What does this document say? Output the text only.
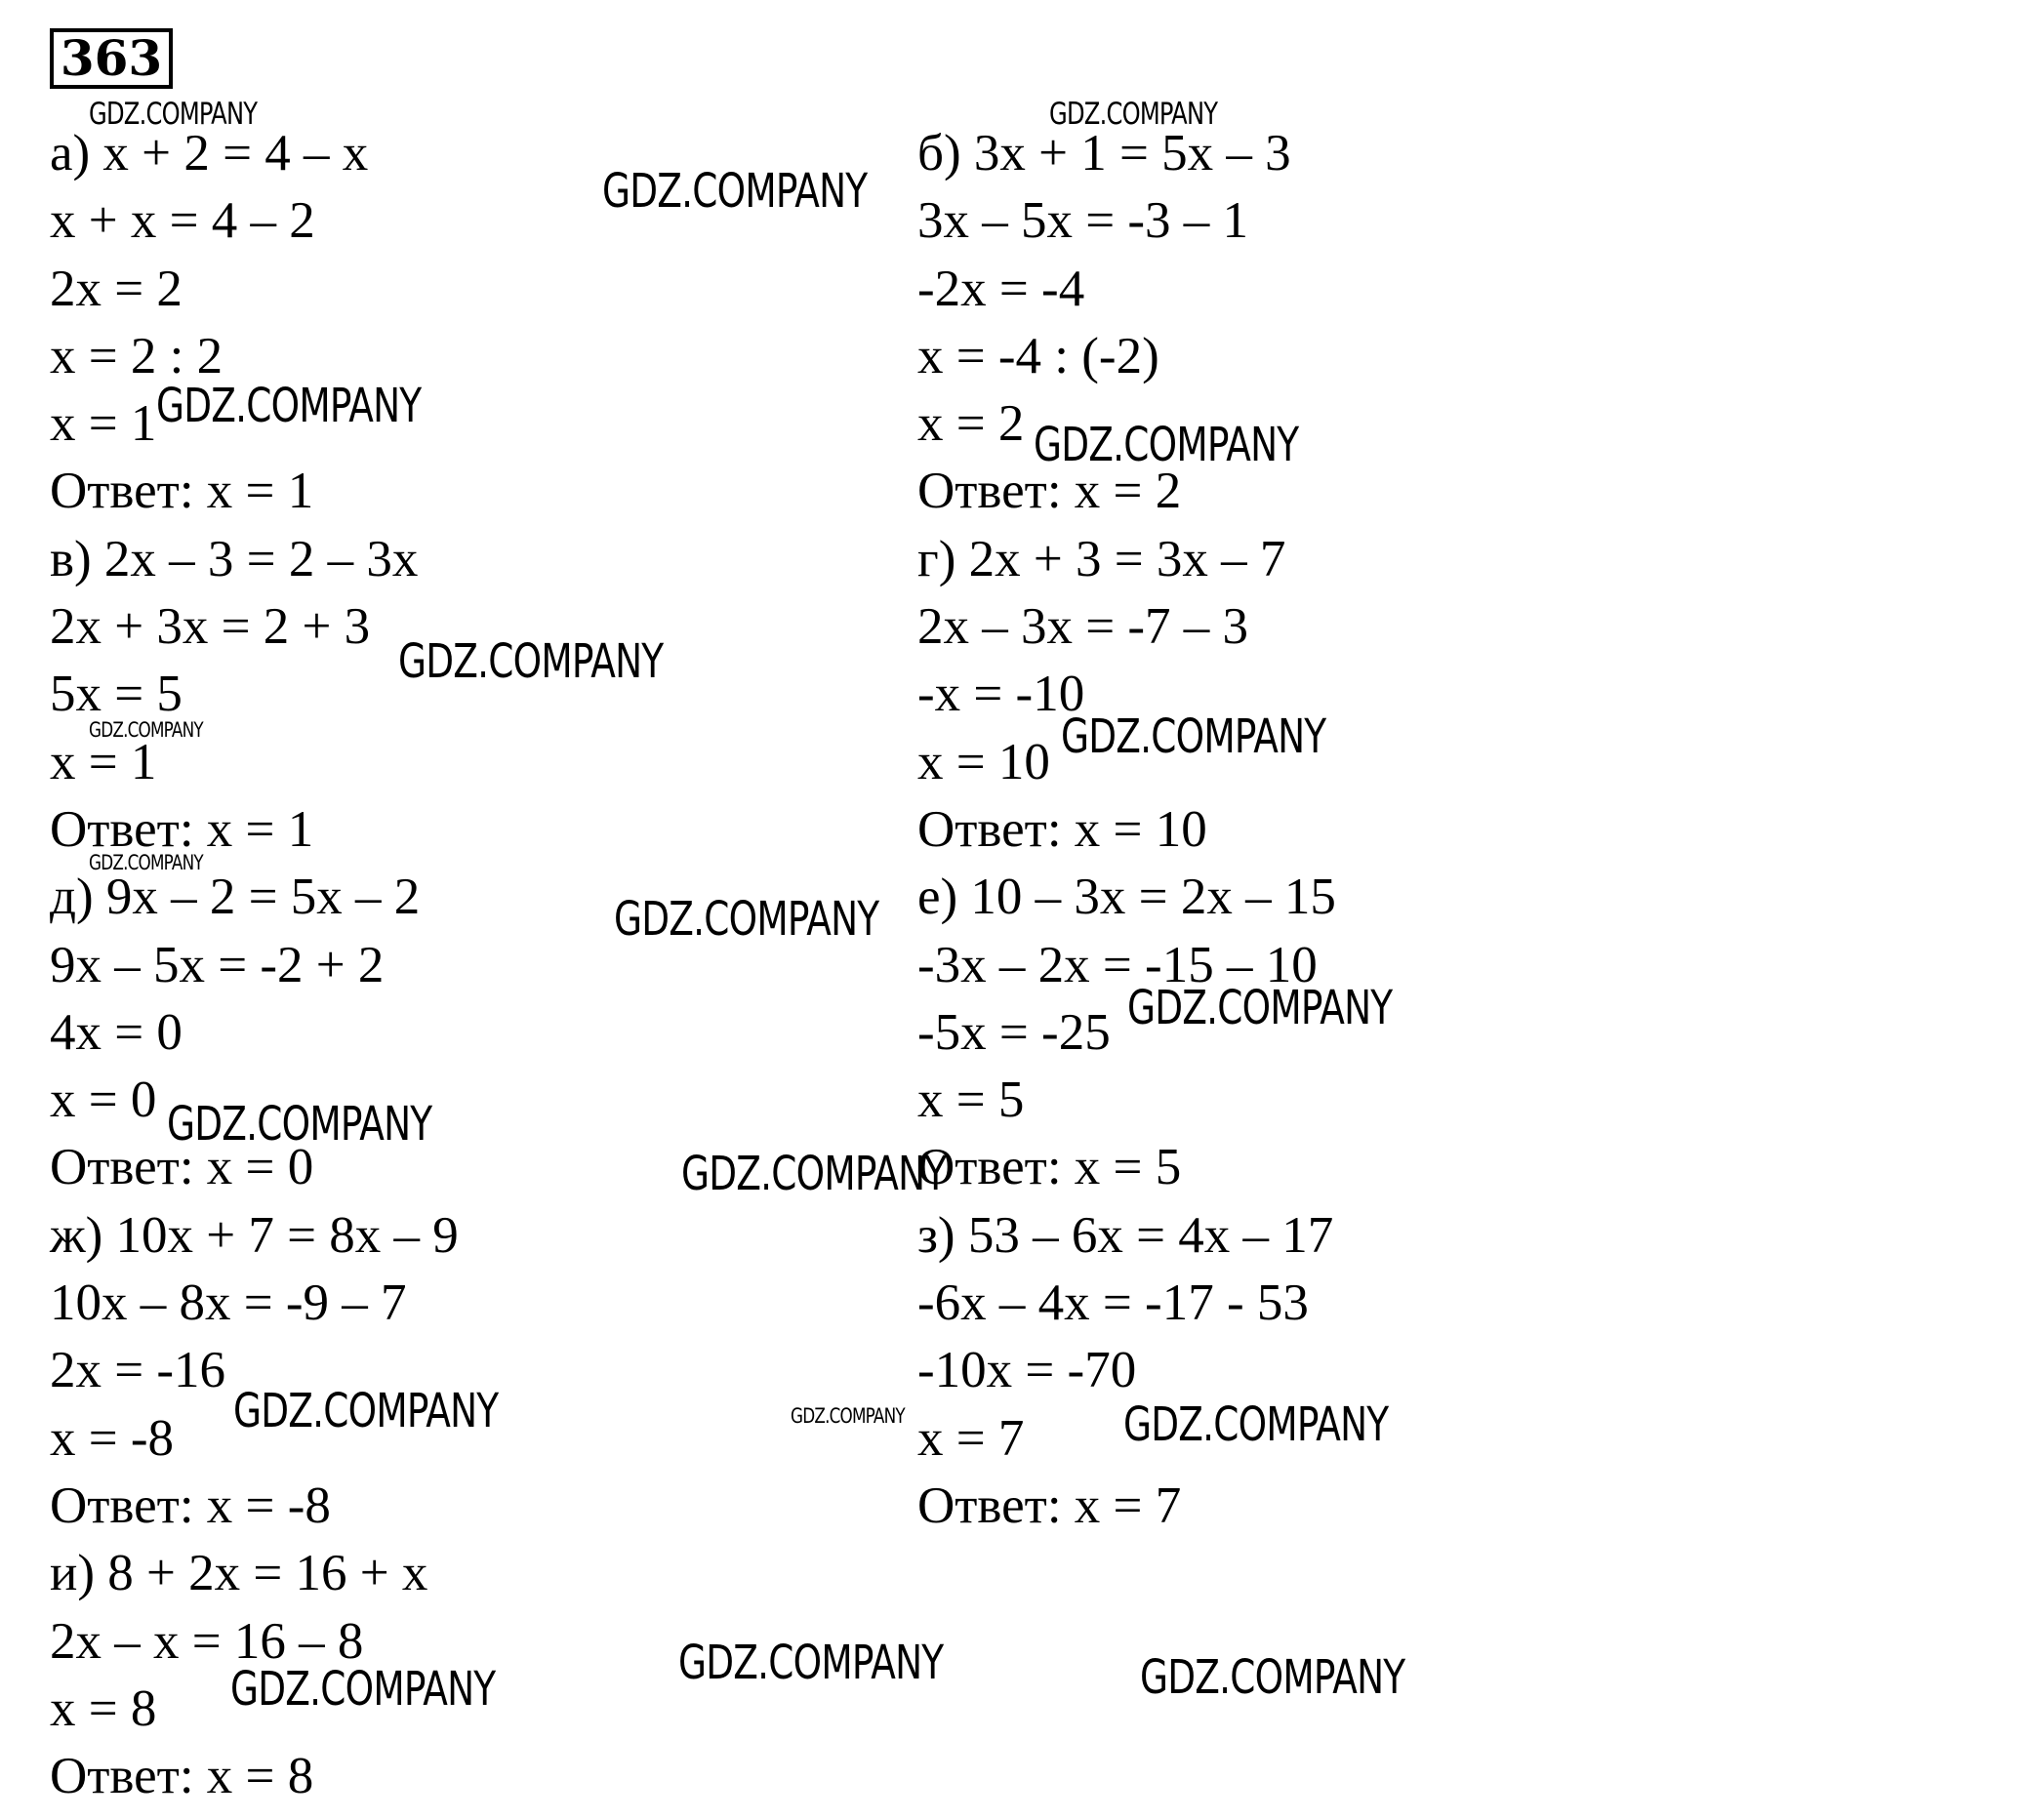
363
а) x + 2 = 4 – x
x + x = 4 – 2
2x = 2
x = 2 : 2
x = 1
Ответ: x = 1
в) 2x – 3 = 2 – 3x
2x + 3x = 2 + 3
5x = 5
x = 1
Ответ: x = 1
д) 9x – 2 = 5x – 2
9x – 5x = -2 + 2
4x = 0
x = 0
Ответ: x = 0
ж) 10x + 7 = 8x – 9
10x – 8x = -9 – 7
2x = -16
x = -8
Ответ: x = -8
и) 8 + 2x = 16 + x
2x – x = 16 – 8
x = 8
Ответ: x = 8
б) 3x + 1 = 5x – 3
3x – 5x = -3 – 1
-2x = -4
x = -4 : (-2)
x = 2
Ответ: x = 2
г) 2x + 3 = 3x – 7
2x – 3x = -7 – 3
-x = -10
x = 10
Ответ: x = 10
е) 10 – 3x = 2x – 15
-3x – 2x = -15 – 10
-5x = -25
x = 5
Ответ: x = 5
з) 53 – 6x = 4x – 17
-6x – 4x = -17 - 53
-10x = -70
x = 7
Ответ: x = 7
GDZ.COMPANY
GDZ.COMPANY
GDZ.COMPANY
GDZ.COMPANY
GDZ.COMPANY
GDZ.COMPANY
GDZ.COMPANY	GDZ.COMPANY
GDZ.COMPANY
GDZ.COMPANY
GDZ.COMPANY
GDZ.COMPANY
GDZ.COMPANY
GDZ.COMPANY	GDZ.COMPANY	GDZ.COMPANY
GDZ.COMPANY	GDZ.COMPANY	GDZ.COMPANY
